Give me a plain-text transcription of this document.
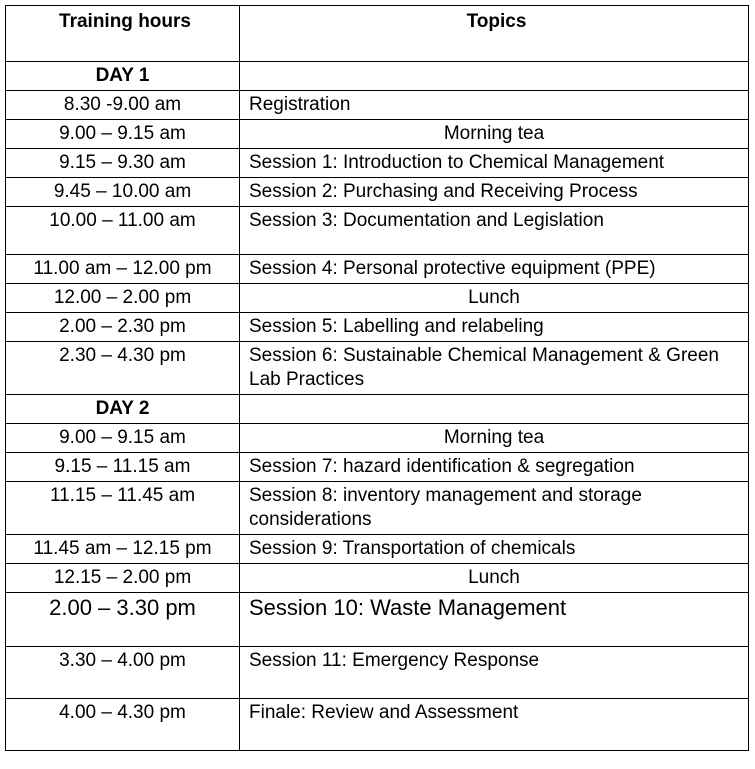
Training hours	Topics
DAY 1	
8.30 -9.00 am	Registration
9.00 – 9.15 am	Morning tea
9.15 – 9.30 am	Session 1: Introduction to Chemical Management
9.45 – 10.00 am	Session 2: Purchasing and Receiving Process
10.00 – 11.00 am	Session 3: Documentation and Legislation
11.00 am – 12.00 pm	Session 4: Personal protective equipment (PPE)
12.00 – 2.00 pm	Lunch
2.00 – 2.30 pm	Session 5: Labelling and relabeling
2.30 – 4.30 pm	Session 6: Sustainable Chemical Management & Green Lab Practices
DAY 2	
9.00 – 9.15 am	Morning tea
9.15 – 11.15 am	Session 7: hazard identification & segregation
11.15 – 11.45 am	Session 8: inventory management and storage considerations
11.45 am – 12.15 pm	Session 9: Transportation of chemicals
12.15 – 2.00 pm	Lunch
2.00 – 3.30 pm	Session 10: Waste Management
3.30 – 4.00 pm	Session 11: Emergency Response
4.00 – 4.30 pm	Finale: Review and Assessment
